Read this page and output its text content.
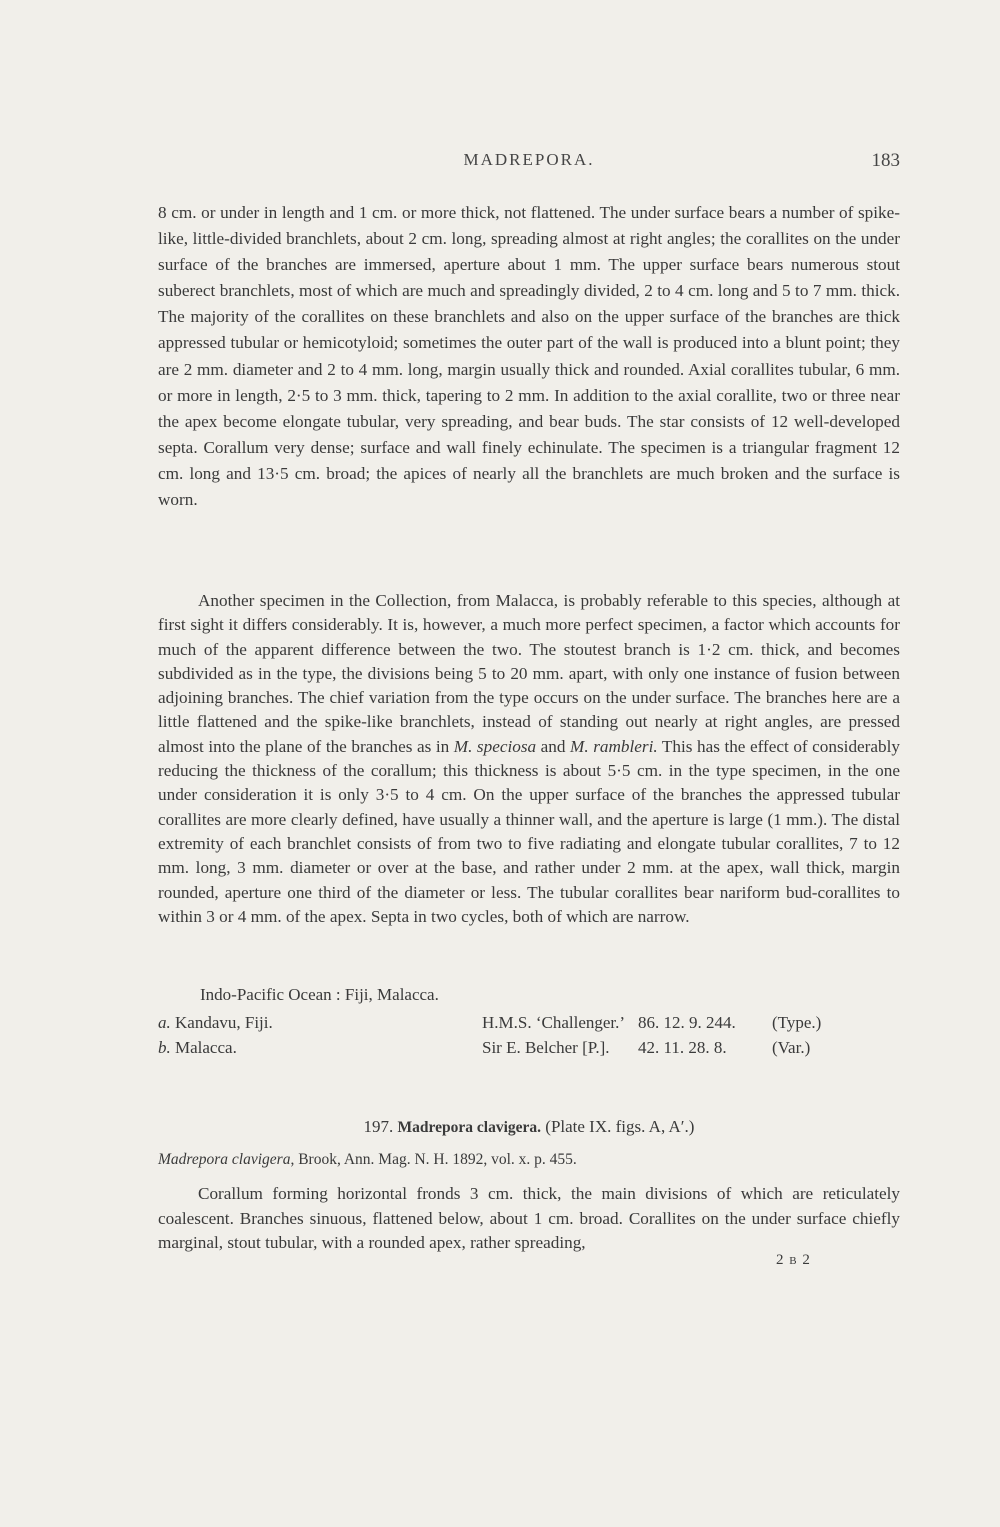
MADREPORA.	183

8 cm. or under in length and 1 cm. or more thick, not flattened. The under surface bears a number of spike-like, little-divided branchlets, about 2 cm. long, spreading almost at right angles; the corallites on the under surface of the branches are immersed, aperture about 1 mm. The upper surface bears numerous stout suberect branchlets, most of which are much and spreadingly divided, 2 to 4 cm. long and 5 to 7 mm. thick. The majority of the corallites on these branchlets and also on the upper surface of the branches are thick appressed tubular or hemicotyloid; sometimes the outer part of the wall is produced into a blunt point; they are 2 mm. diameter and 2 to 4 mm. long, margin usually thick and rounded. Axial corallites tubular, 6 mm. or more in length, 2·5 to 3 mm. thick, tapering to 2 mm. In addition to the axial corallite, two or three near the apex become elongate tubular, very spreading, and bear buds. The star consists of 12 well-developed septa. Corallum very dense; surface and wall finely echinulate. The specimen is a triangular fragment 12 cm. long and 13·5 cm. broad; the apices of nearly all the branchlets are much broken and the surface is worn.

Another specimen in the Collection, from Malacca, is probably referable to this species, although at first sight it differs considerably. It is, however, a much more perfect specimen, a factor which accounts for much of the apparent difference between the two. The stoutest branch is 1·2 cm. thick, and becomes subdivided as in the type, the divisions being 5 to 20 mm. apart, with only one instance of fusion between adjoining branches. The chief variation from the type occurs on the under surface. The branches here are a little flattened and the spike-like branchlets, instead of standing out nearly at right angles, are pressed almost into the plane of the branches as in M. speciosa and M. rambleri. This has the effect of considerably reducing the thickness of the corallum; this thickness is about 5·5 cm. in the type specimen, in the one under consideration it is only 3·5 to 4 cm. On the upper surface of the branches the appressed tubular corallites are more clearly defined, have usually a thinner wall, and the aperture is large (1 mm.). The distal extremity of each branchlet consists of from two to five radiating and elongate tubular corallites, 7 to 12 mm. long, 3 mm. diameter or over at the base, and rather under 2 mm. at the apex, wall thick, margin rounded, aperture one third of the diameter or less. The tubular corallites bear nariform bud-corallites to within 3 or 4 mm. of the apex. Septa in two cycles, both of which are narrow.

Indo-Pacific Ocean : Fiji, Malacca.
a. Kandavu, Fiji.	H.M.S. ‘Challenger.’ 86. 12. 9. 244. (Type.)
b. Malacca.	Sir E. Belcher [P.]. 42. 11. 28. 8.	(Var.)
197. Madrepora clavigera. (Plate IX. figs. A, A′.)
Madrepora clavigera, Brook, Ann. Mag. N. H. 1892, vol. x. p. 455.

Corallum forming horizontal fronds 3 cm. thick, the main divisions of which are reticulately coalescent. Branches sinuous, flattened below, about 1 cm. broad. Corallites on the under surface chiefly marginal, stout tubular, with a rounded apex, rather spreading,

2 B 2
